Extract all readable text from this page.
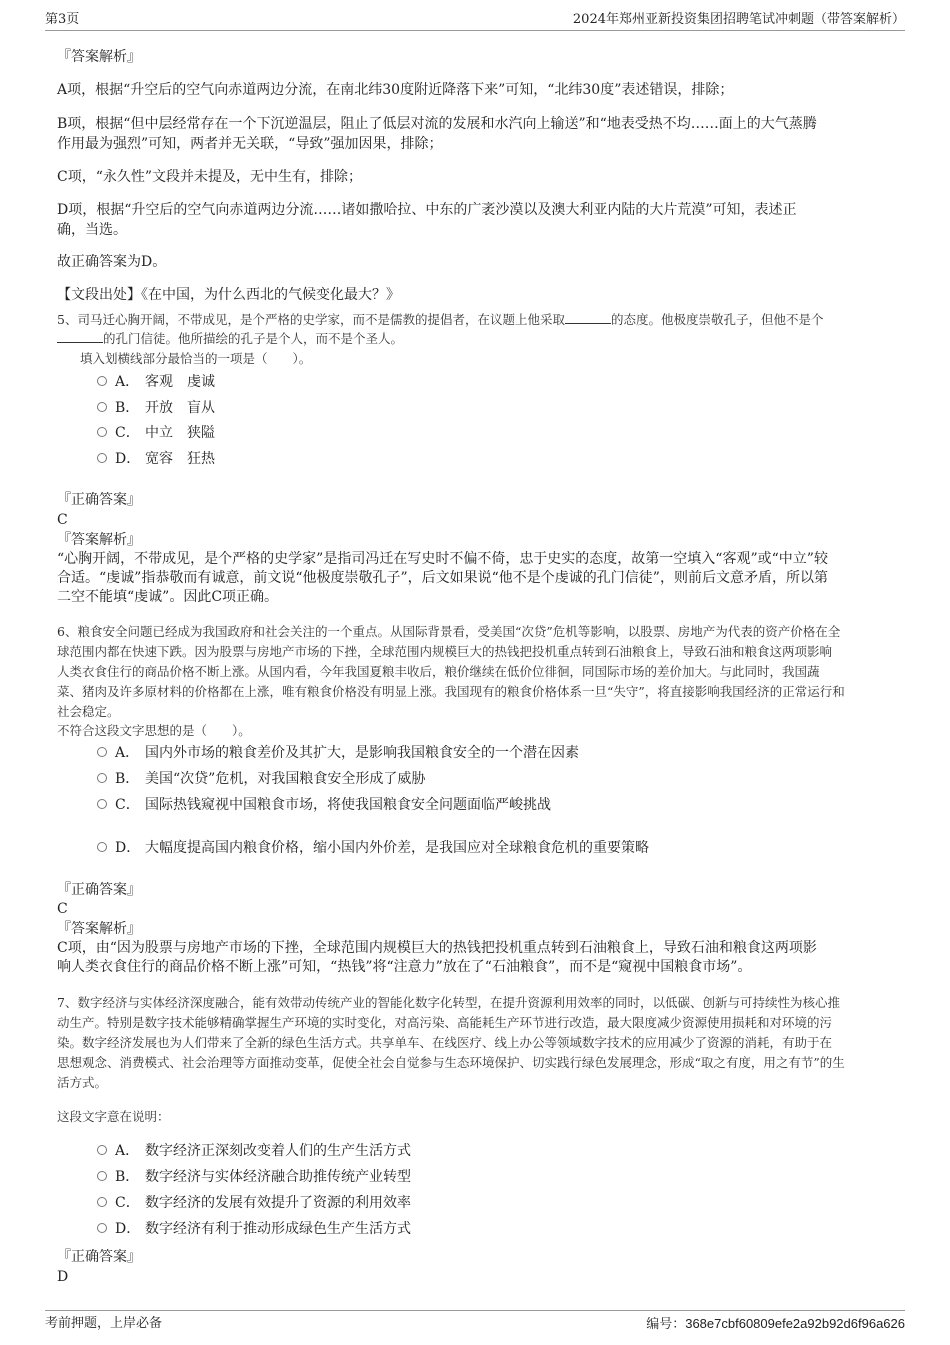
第3页	2024年郑州亚新投资集团招聘笔试冲刺题（带答案解析）

『答案解析』

A项，根据“升空后的空气向赤道两边分流，在南北纬30度附近降落下来”可知，“北纬30度”表述错误，排除；

B项，根据“但中层经常存在一个下沉逆温层，阻止了低层对流的发展和水汽向上输送”和“地表受热不均……面上的大气蒸腾

作用最为强烈”可知，两者并无关联，“导致”强加因果，排除；

C项，“永久性”文段并未提及，无中生有，排除；

D项，根据“升空后的空气向赤道两边分流……诸如撒哈拉、中东的广袤沙漠以及澳大利亚内陆的大片荒漠”可知，表述正

确，当选。

故正确答案为D。

【文段出处】《在中国，为什么西北的气候变化最大？》

5、司马迁心胸开阔，不带成见，是个严格的史学家，而不是儒教的提倡者，在议题上他采取	的态度。他极度崇敬孔子，但他不是个

的孔门信徒。他所描绘的孔子是个人，而不是个圣人。

填入划横线部分最恰当的一项是（　　）。

A． 客观　虔诚
B． 开放　盲从
C． 中立　狭隘
D． 宽容　狂热

『正确答案』

C

『答案解析』

“心胸开阔，不带成见，是个严格的史学家”是指司冯迁在写史时不偏不倚，忠于史实的态度，故第一空填入“客观”或“中立”较

合适。“虔诚”指恭敬而有诚意，前文说“他极度崇敬孔子”，后文如果说“他不是个虔诚的孔门信徒”，则前后文意矛盾，所以第

二空不能填“虔诚”。因此C项正确。

6、粮食安全问题已经成为我国政府和社会关注的一个重点。从国际背景看，受美国“次贷”危机等影响，以股票、房地产为代表的资产价格在全

球范围内都在快速下跌。因为股票与房地产市场的下挫，全球范围内规模巨大的热钱把投机重点转到石油粮食上，导致石油和粮食这两项影响

人类衣食住行的商品价格不断上涨。从国内看，今年我国夏粮丰收后，粮价继续在低价位徘徊，同国际市场的差价加大。与此同时，我国蔬

菜、猪肉及许多原材料的价格都在上涨，唯有粮食价格没有明显上涨。我国现有的粮食价格体系一旦“失守”，将直接影响我国经济的正常运行和

社会稳定。

不符合这段文字思想的是（　　）。

A． 国内外市场的粮食差价及其扩大，是影响我国粮食安全的一个潜在因素
B． 美国“次贷”危机，对我国粮食安全形成了威胁
C． 国际热钱窥视中国粮食市场，将使我国粮食安全问题面临严峻挑战
D． 大幅度提高国内粮食价格，缩小国内外价差，是我国应对全球粮食危机的重要策略

『正确答案』

C

『答案解析』

C项，由“因为股票与房地产市场的下挫，全球范围内规模巨大的热钱把投机重点转到石油粮食上，导致石油和粮食这两项影

响人类衣食住行的商品价格不断上涨”可知，“热钱”将“注意力”放在了“石油粮食”，而不是“窥视中国粮食市场”。

7、数字经济与实体经济深度融合，能有效带动传统产业的智能化数字化转型，在提升资源利用效率的同时，以低碳、创新与可持续性为核心推

动生产。特别是数字技术能够精确掌握生产环境的实时变化，对高污染、高能耗生产环节进行改造，最大限度减少资源使用损耗和对环境的污

染。数字经济发展也为人们带来了全新的绿色生活方式。共享单车、在线医疗、线上办公等领域数字技术的应用减少了资源的消耗，有助于在

思想观念、消费模式、社会治理等方面推动变革，促使全社会自觉参与生态环境保护、切实践行绿色发展理念，形成“取之有度，用之有节”的生

活方式。

这段文字意在说明：

A． 数字经济正深刻改变着人们的生产生活方式
B． 数字经济与实体经济融合助推传统产业转型
C． 数字经济的发展有效提升了资源的利用效率
D． 数字经济有利于推动形成绿色生产生活方式

『正确答案』

D

考前押题，上岸必备	编号：368e7cbf60809efe2a92b92d6f96a626
